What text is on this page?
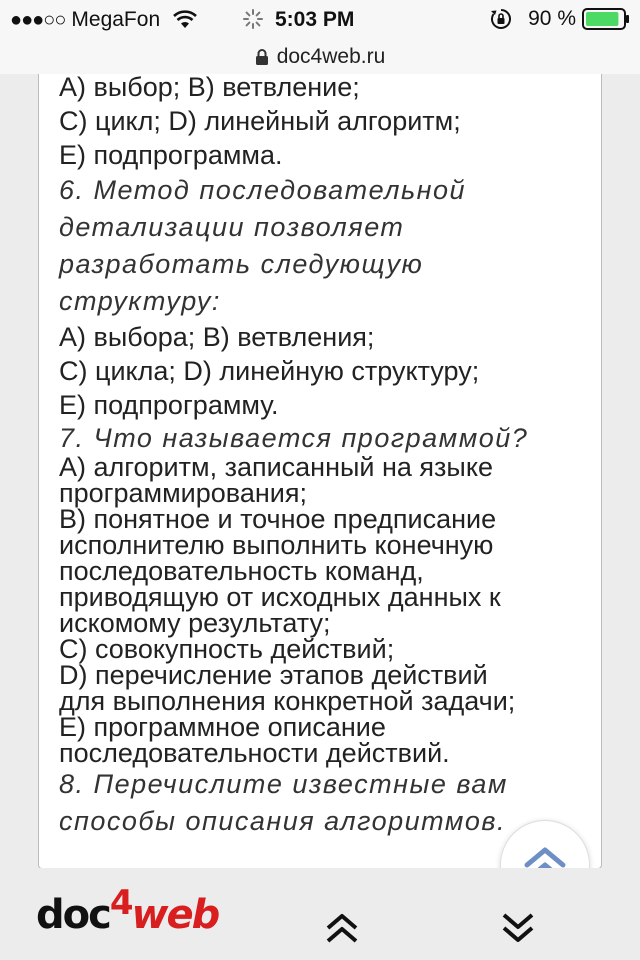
●●●○○ MegaFon	5:03 PM	90 %
doc4web.ru
A) выбор; B) ветвление;
C) цикл; D) линейный алгоритм;
E) подпрограмма.
6. Метод последовательной
детализации позволяет
разработать следующую
структуру:
A) выбора; B) ветвления;
C) цикла; D) линейную структуру;
E) подпрограмму.
7. Что называется программой?
A) алгоритм, записанный на языке
программирования;
B) понятное и точное предписание
исполнителю выполнить конечную
последовательность команд,
приводящую от исходных данных к
искомому результату;
C) совокупность действий;
D) перечисление этапов действий
для выполнения конкретной задачи;
E) программное описание
последовательности действий.
8. Перечислите известные вам
способы описания алгоритмов.
doc4web
